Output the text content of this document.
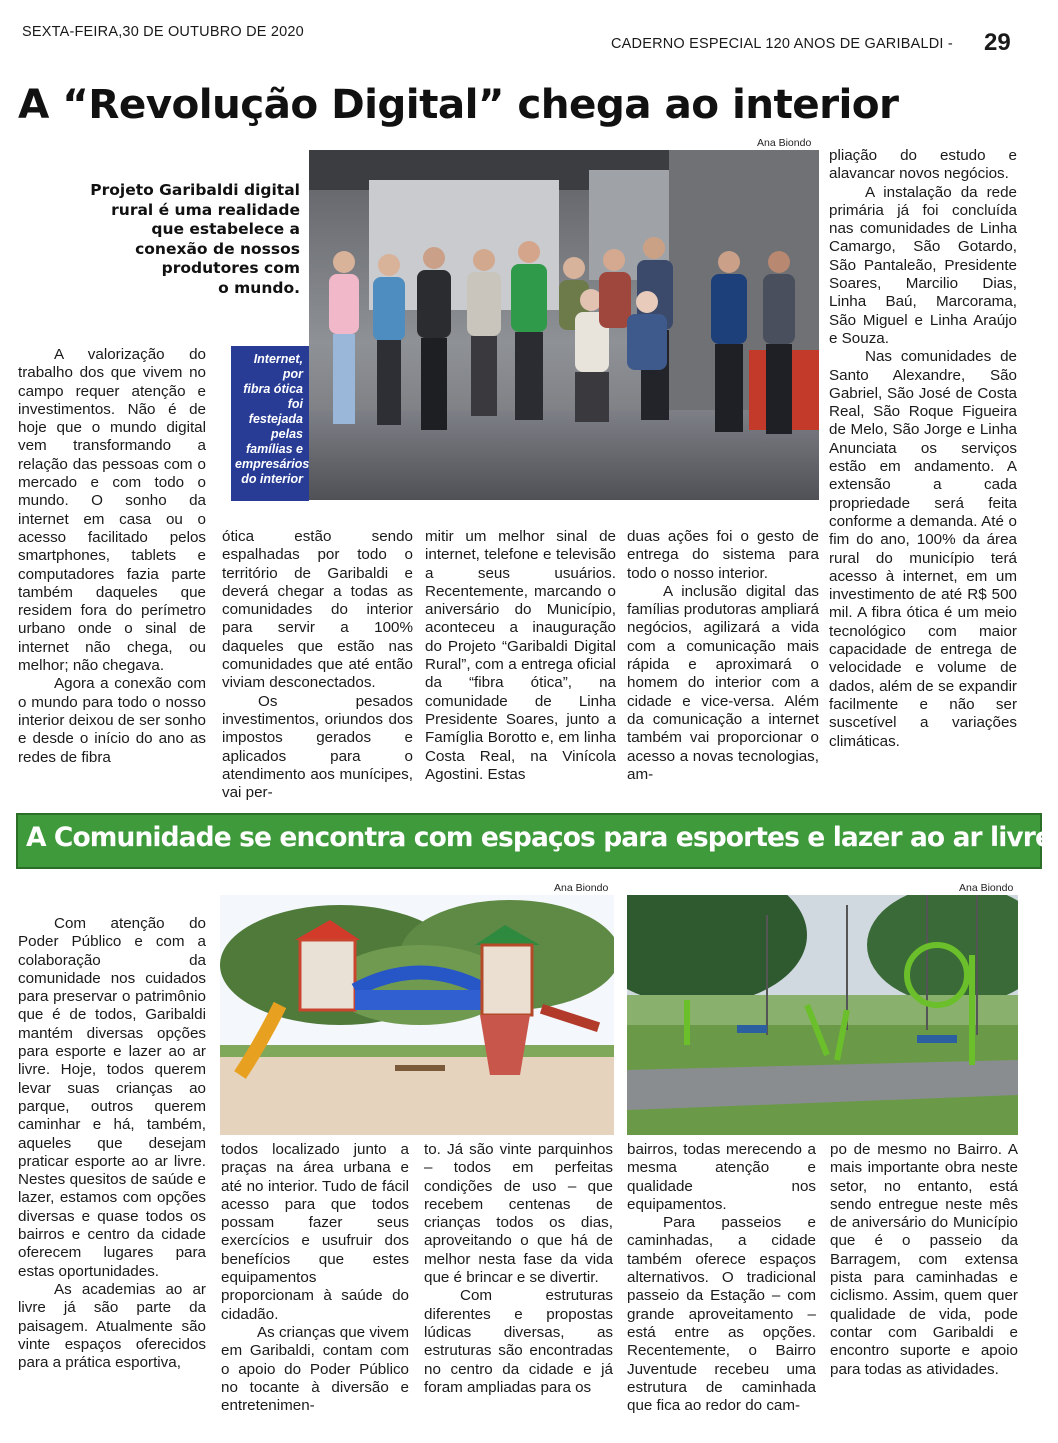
SEXTA-FEIRA,30 DE OUTUBRO DE 2020
CADERNO ESPECIAL 120 ANOS DE GARIBALDI - 29
A “Revolução Digital” chega ao interior
Projeto Garibaldi digital
rural é uma realidade
que estabelece a
conexão de nossos
produtores com
o mundo.
Ana Biondo
Internet, por
fibra ótica
foi festejada
pelas
famílias e
empresários
do interior

A valorização do trabalho dos que vivem no campo requer atenção e investimentos. Não é de hoje que o mundo digital vem transformando a relação das pessoas com o mercado e com todo o mundo. O sonho da internet em casa ou o acesso facilitado pelos smartphones, tablets e computadores fazia parte também daqueles que residem fora do perímetro urbano onde o sinal de internet não chega, ou melhor; não chegava.

Agora a conexão com o mundo para todo o nosso interior deixou de ser sonho e desde o início do ano as redes de fibra

ótica estão sendo espalhadas por todo o território de Garibaldi e deverá chegar a todas as comunidades do interior para servir a 100% daqueles que estão nas comunidades que até então viviam desconectados.

Os pesados investimentos, oriundos dos impostos gerados e aplicados para o atendimento aos munícipes, vai per-

mitir um melhor sinal de internet, telefone e televisão a seus usuários. Recentemente, marcando o aniversário do Município, aconteceu a inauguração do Projeto “Garibaldi Digital Rural”, com a entrega oficial da “fibra ótica”, na comunidade de Linha Presidente Soares, junto a Famíglia Borotto e, em linha Costa Real, na Vinícola Agostini. Estas

duas ações foi o gesto de entrega do sistema para todo o nosso interior.

A inclusão digital das famílias produtoras ampliará negócios, agilizará a vida com a comunicação mais rápida e aproximará o homem do interior com a cidade e vice-versa. Além da comunicação a internet também vai proporcionar o acesso a novas tecnologias, am-

pliação do estudo e alavancar novos negócios.

A instalação da rede primária já foi concluída nas comunidades de Linha Camargo, São Gotardo, São Pantaleão, Presidente Soares, Marcilio Dias, Linha Baú, Marcorama, São Miguel e Linha Araújo e Souza.

Nas comunidades de Santo Alexandre, São Gabriel, São José de Costa Real, São Roque Figueira de Melo, São Jorge e Linha Anunciata os serviços estão em andamento. A extensão a cada propriedade será feita conforme a demanda. Até o fim do ano, 100% da área rural do município terá acesso à internet, em um investimento de até R$ 500 mil. A fibra ótica é um meio tecnológico com maior capacidade de entrega de velocidade e volume de dados, além de se expandir facilmente e não ser suscetível a variações climáticas.

A Comunidade se encontra com espaços para esportes e lazer ao ar livre
Ana Biondo	Ana Biondo

Com atenção do Poder Público e com a colaboração da comunidade nos cuidados para preservar o patrimônio que é de todos, Garibaldi mantém diversas opções para esporte e lazer ao ar livre. Hoje, todos querem levar suas crianças ao parque, outros querem caminhar e há, também, aqueles que desejam praticar esporte ao ar livre. Nestes quesitos de saúde e lazer, estamos com opções diversas e quase todos os bairros e centro da cidade oferecem lugares para estas oportunidades.

As academias ao ar livre já são parte da paisagem. Atualmente são vinte espaços oferecidos para a prática esportiva,

todos localizado junto a praças na área urbana e até no interior. Tudo de fácil acesso para que todos possam fazer seus exercícios e usufruir dos benefícios que estes equipamentos proporcionam à saúde do cidadão.

As crianças que vivem em Garibaldi, contam com o apoio do Poder Público no tocante à diversão e entretenimen-

to. Já são vinte parquinhos – todos em perfeitas condições de uso – que recebem centenas de crianças todos os dias, aproveitando o que há de melhor nesta fase da vida que é brincar e se divertir.

Com estruturas diferentes e propostas lúdicas diversas, as estruturas são encontradas no centro da cidade e já foram ampliadas para os

bairros, todas merecendo a mesma atenção e qualidade nos equipamentos.

Para passeios e caminhadas, a cidade também oferece espaços alternativos. O tradicional passeio da Estação – com grande aproveitamento – está entre as opções. Recentemente, o Bairro Juventude recebeu uma estrutura de caminhada que fica ao redor do cam-

po de mesmo no Bairro. A mais importante obra neste setor, no entanto, está sendo entregue neste mês de aniversário do Município que é o passeio da Barragem, com extensa pista para caminhadas e ciclismo. Assim, quem quer qualidade de vida, pode contar com Garibaldi e encontro suporte e apoio para todas as atividades.
